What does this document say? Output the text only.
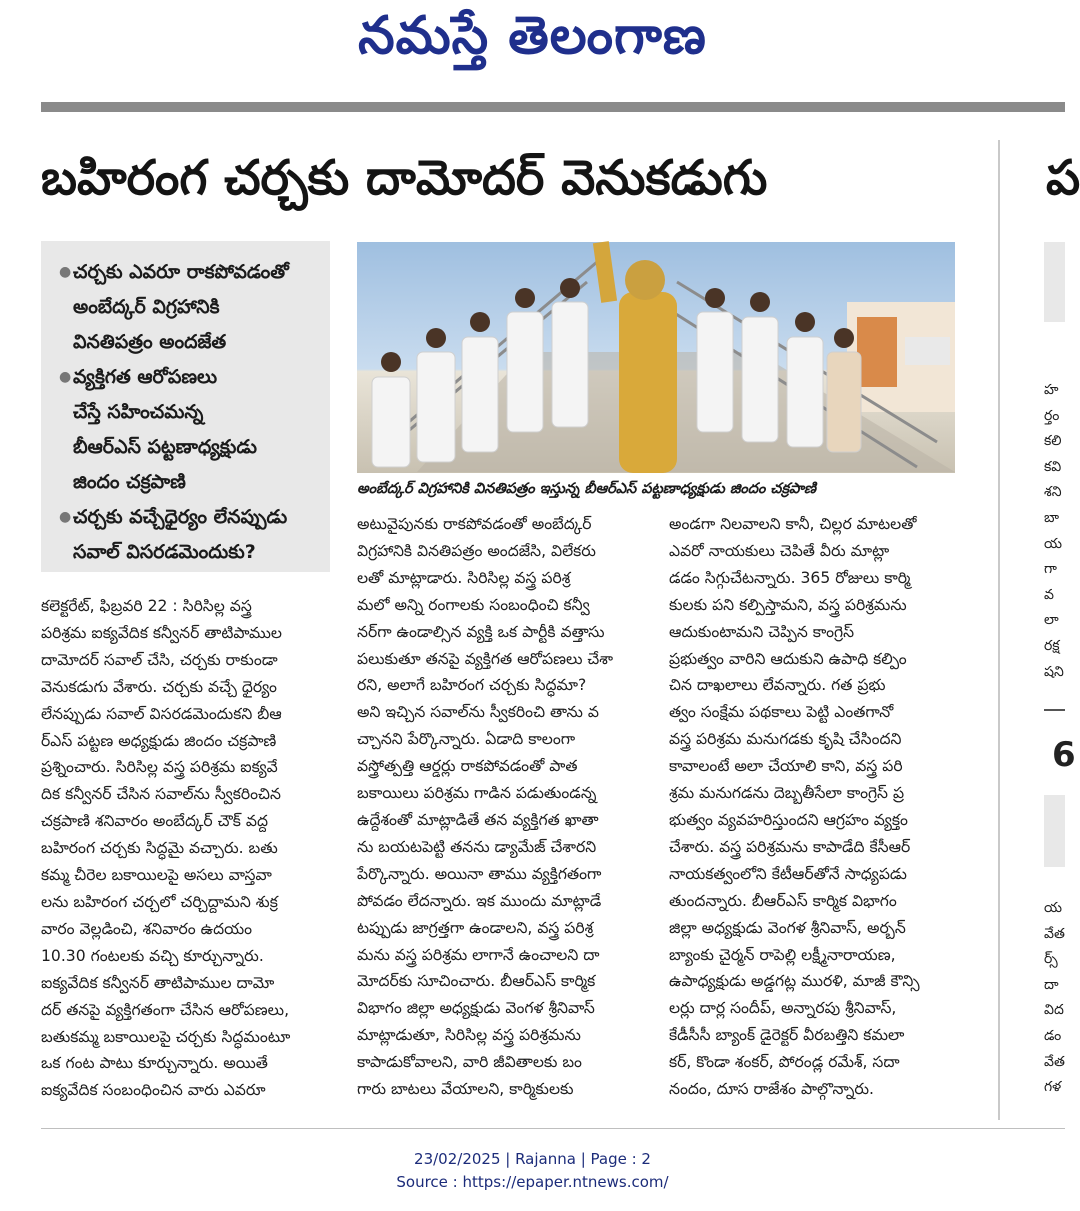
నమస్తే తెలంగాణ
బహిరంగ చర్చకు దామోదర్ వెనుకడుగు	ప
● చర్చకు ఎవరూ రాకపోవడంతో
అంబేద్కర్ విగ్రహానికి
వినతిపత్రం అందజేత
● వ్యక్తిగత ఆరోపణలు
చేస్తే సహించమన్న
బీఆర్‌ఎస్ పట్టణాధ్యక్షుడు
జిందం చక్రపాణి
● చర్చకు వచ్చేధైర్యం లేనప్పుడు
సవాల్ విసరడమెందుకు?
అంబేద్కర్ విగ్రహానికి వినతిపత్రం ఇస్తున్న బీఆర్‌ఎస్ పట్టణాధ్యక్షుడు జిందం చక్రపాణి
కలెక్టరేట్, ఫిబ్రవరి 22 : సిరిసిల్ల వస్త్ర
పరిశ్రమ ఐక్యవేదిక కన్వీనర్ తాటిపాముల
దామోదర్ సవాల్ చేసి, చర్చకు రాకుండా
వెనుకడుగు వేశారు. చర్చకు వచ్చే ధైర్యం
లేనప్పుడు సవాల్ విసరడమెందుకని బీఆ
ర్‌ఎస్ పట్టణ అధ్యక్షుడు జిందం చక్రపాణి
ప్రశ్నించారు. సిరిసిల్ల వస్త్ర పరిశ్రమ ఐక్యవే
దిక కన్వీనర్ చేసిన సవాల్‌ను స్వీకరించిన
చక్రపాణి శనివారం అంబేద్కర్ చౌక్ వద్ద
బహిరంగ చర్చకు సిద్ధమై వచ్చారు. బతు
కమ్మ చీరెల బకాయిలపై అసలు వాస్తవా
లను బహిరంగ చర్చలో చర్చిద్దామని శుక్ర
వారం వెల్లడించి, శనివారం ఉదయం
10.30 గంటలకు వచ్చి కూర్చున్నారు.
ఐక్యవేదిక కన్వీనర్ తాటిపాముల దామో
దర్ తనపై వ్యక్తిగతంగా చేసిన ఆరోపణలు,
బతుకమ్మ బకాయిలపై చర్చకు సిద్ధమంటూ
ఒక గంట పాటు కూర్చున్నారు. అయితే
ఐక్యవేదిక సంబంధించిన వారు ఎవరూ
అటువైపునకు రాకపోవడంతో అంబేద్కర్
విగ్రహానికి వినతిపత్రం అందజేసి, విలేకరు
లతో మాట్లాడారు. సిరిసిల్ల వస్త్ర పరిశ్ర
మలో అన్ని రంగాలకు సంబంధించి కన్వీ
నర్‌గా ఉండాల్సిన వ్యక్తి ఒక పార్టీకి వత్తాసు
పలుకుతూ తనపై వ్యక్తిగత ఆరోపణలు చేశా
రని, అలాగే బహిరంగ చర్చకు సిద్ధమా?
అని ఇచ్చిన సవాల్‌ను స్వీకరించి తాను వ
చ్చానని పేర్కొన్నారు. ఏడాది కాలంగా
వస్త్రోత్పత్తి ఆర్డర్లు రాకపోవడంతో పాత
బకాయిలు పరిశ్రమ గాడిన పడుతుండన్న
ఉద్దేశంతో మాట్లాడితే తన వ్యక్తిగత ఖాతా
ను బయటపెట్టి తనను డ్యామేజ్ చేశారని
పేర్కొన్నారు. అయినా తాము వ్యక్తిగతంగా
పోవడం లేదన్నారు. ఇక ముందు మాట్లాడే
టప్పుడు జాగ్రత్తగా ఉండాలని, వస్త్ర పరిశ్ర
మను వస్త్ర పరిశ్రమ లాగానే ఉంచాలని దా
మోదర్‌కు సూచించారు. బీఆర్‌ఎస్ కార్మిక
విభాగం జిల్లా అధ్యక్షుడు వెంగళ శ్రీనివాస్
మాట్లాడుతూ, సిరిసిల్ల వస్త్ర పరిశ్రమను
కాపాడుకోవాలని, వారి జీవితాలకు బం
గారు బాటలు వేయాలని, కార్మికులకు
అండగా నిలవాలని కానీ, చిల్లర మాటలతో
ఎవరో నాయకులు చెపితే వీరు మాట్లా
డడం సిగ్గుచేటన్నారు. 365 రోజులు కార్మి
కులకు పని కల్పిస్తామని, వస్త్ర పరిశ్రమను
ఆదుకుంటామని చెప్పిన కాంగ్రెస్
ప్రభుత్వం వారిని ఆదుకుని ఉపాధి కల్పిం
చిన దాఖలాలు లేవన్నారు. గత ప్రభు
త్వం సంక్షేమ పథకాలు పెట్టి ఎంతగానో
వస్త్ర పరిశ్రమ మనుగడకు కృషి చేసిందని
కావాలంటే అలా చేయాలి కాని, వస్త్ర పరి
శ్రమ మనుగడను దెబ్బతీసేలా కాంగ్రెస్ ప్ర
భుత్వం వ్యవహరిస్తుందని ఆగ్రహం వ్యక్తం
చేశారు. వస్త్ర పరిశ్రమను కాపాడేది కేసీఆర్
నాయకత్వంలోని కేటీఆర్‌తోనే సాధ్యపడు
తుందన్నారు. బీఆర్‌ఎస్ కార్మిక విభాగం
జిల్లా అధ్యక్షుడు వెంగళ శ్రీనివాస్, అర్బన్
బ్యాంకు చైర్మన్ రాపెల్లి లక్ష్మీనారాయణ,
ఉపాధ్యక్షుడు అడ్డగట్ల మురళి, మాజీ కౌన్సి
లర్లు దార్ల సందీప్, అన్నారపు శ్రీనివాస్,
కేడీసీసీ బ్యాంక్ డైరెక్టర్ వీరబత్తిని కమలా
కర్, కొండా శంకర్, పోరండ్ల రమేశ్, సదా
నందం, దూస రాజేశం పాల్గొన్నారు.
హ
ర్తం
కలి
కవి
శని
బా
య
గా
వ
లా
రక్ష
షని
6
య
వేత
ర్స్
దా
విద
డం
వేత
గళ
23/02/2025 | Rajanna | Page : 2
Source : https://epaper.ntnews.com/
